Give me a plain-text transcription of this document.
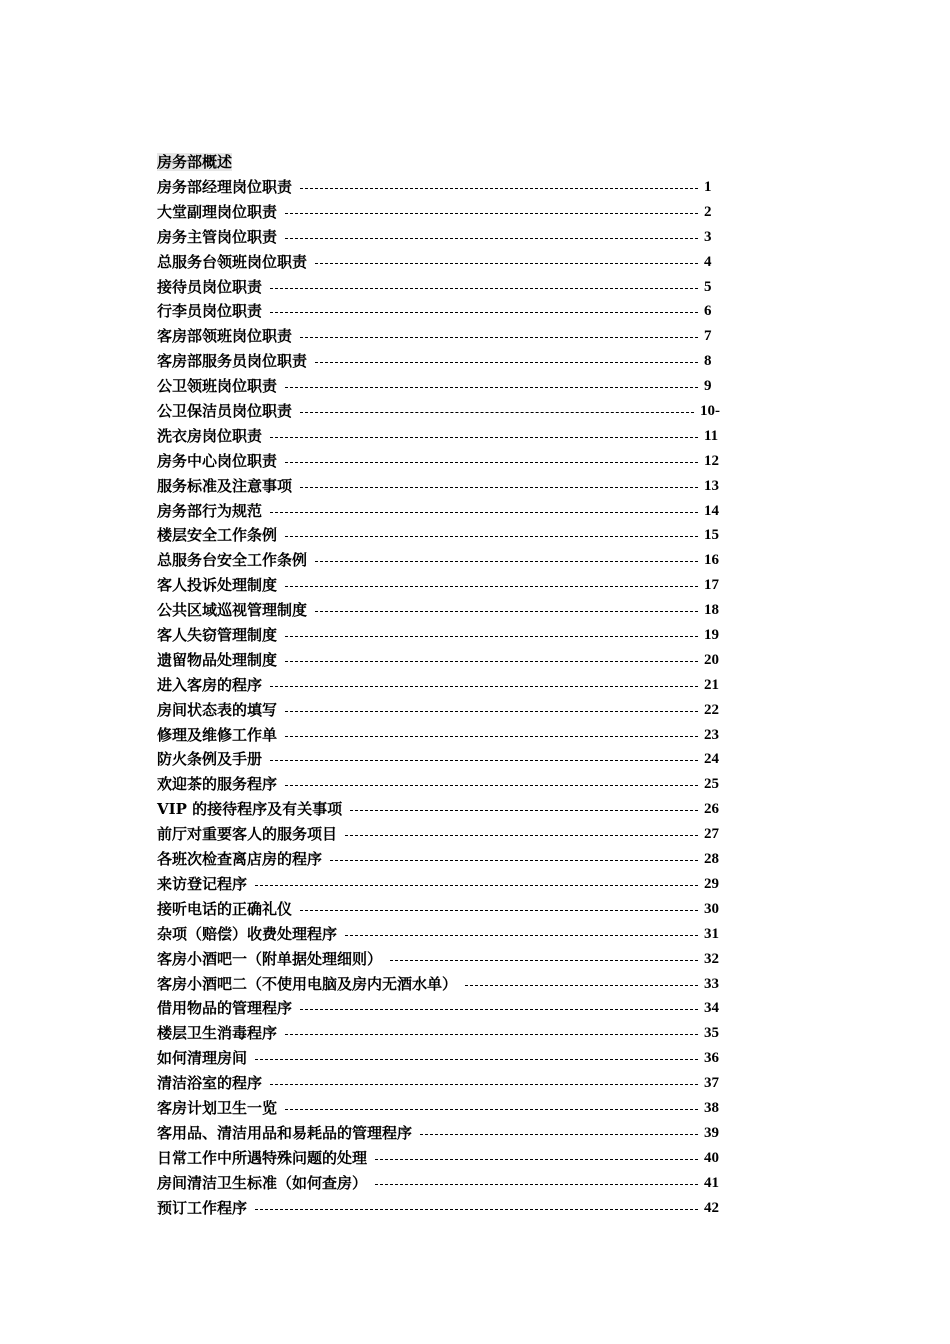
房务部概述
房务部经理岗位职责	1
大堂副理岗位职责	2
房务主管岗位职责	3
总服务台领班岗位职责	4
接待员岗位职责	5
行李员岗位职责	6
客房部领班岗位职责	7
客房部服务员岗位职责	8
公卫领班岗位职责	9
公卫保洁员岗位职责	10-
洗衣房岗位职责	11
房务中心岗位职责	12
服务标准及注意事项	13
房务部行为规范	14
楼层安全工作条例	15
总服务台安全工作条例	16
客人投诉处理制度	17
公共区域巡视管理制度	18
客人失窃管理制度	19
遗留物品处理制度	20
进入客房的程序	21
房间状态表的填写	22
修理及维修工作单	23
防火条例及手册	24
欢迎茶的服务程序	25
VIP 的接待程序及有关事项	26
前厅对重要客人的服务项目	27
各班次检查离店房的程序	28
来访登记程序	29
接听电话的正确礼仪	30
杂项（赔偿）收费处理程序	31
客房小酒吧一（附单据处理细则）	32
客房小酒吧二（不使用电脑及房内无酒水单）	33
借用物品的管理程序	34
楼层卫生消毒程序	35
如何清理房间	36
清洁浴室的程序	37
客房计划卫生一览	38
客用品、清洁用品和易耗品的管理程序	39
日常工作中所遇特殊问题的处理	40
房间清洁卫生标准（如何查房）	41
预订工作程序	42
